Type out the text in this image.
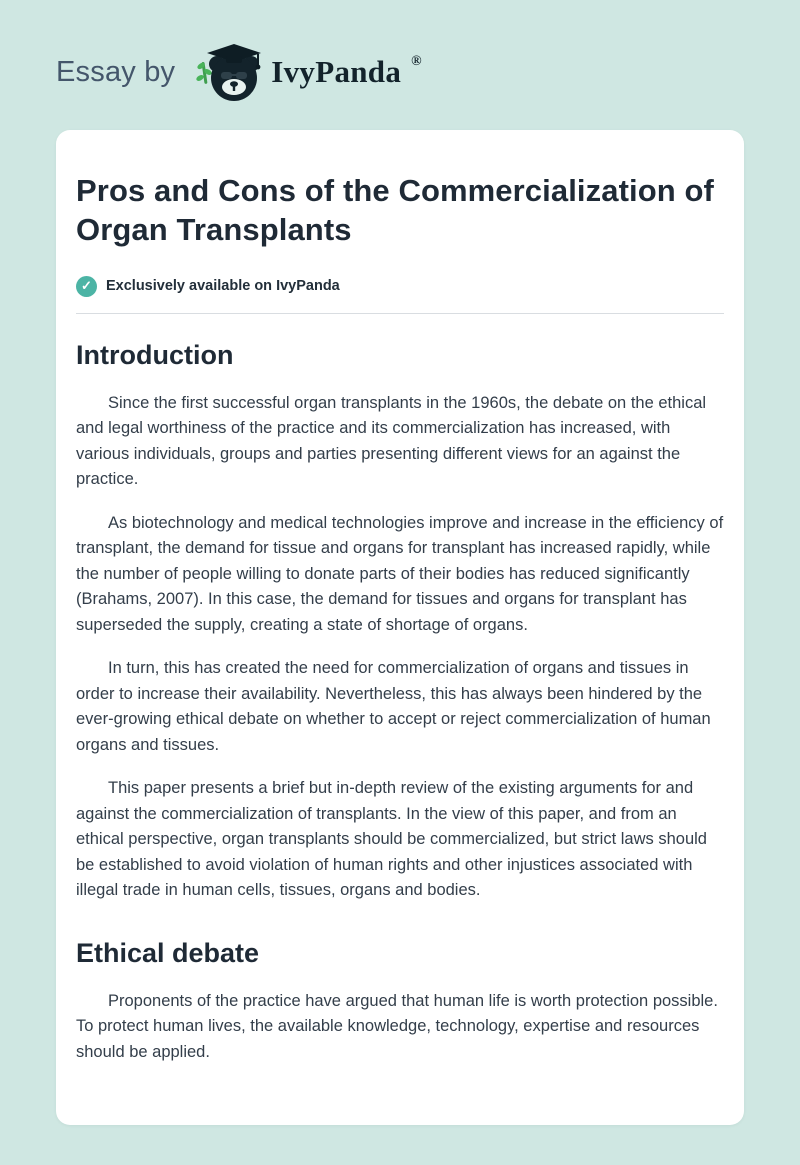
Essay by	IvyPanda ®
Pros and Cons of the Commercialization of Organ Transplants
✓ Exclusively available on IvyPanda
Introduction

Since the first successful organ transplants in the 1960s, the debate on the ethical and legal worthiness of the practice and its commercialization has increased, with various individuals, groups and parties presenting different views for an against the practice.

As biotechnology and medical technologies improve and increase in the efficiency of transplant, the demand for tissue and organs for transplant has increased rapidly, while the number of people willing to donate parts of their bodies has reduced significantly (Brahams, 2007). In this case, the demand for tissues and organs for transplant has superseded the supply, creating a state of shortage of organs.

In turn, this has created the need for commercialization of organs and tissues in order to increase their availability. Nevertheless, this has always been hindered by the ever-growing ethical debate on whether to accept or reject commercialization of human organs and tissues.

This paper presents a brief but in-depth review of the existing arguments for and against the commercialization of transplants. In the view of this paper, and from an ethical perspective, organ transplants should be commercialized, but strict laws should be established to avoid violation of human rights and other injustices associated with illegal trade in human cells, tissues, organs and bodies.

Ethical debate

Proponents of the practice have argued that human life is worth protection possible. To protect human lives, the available knowledge, technology, expertise and resources should be applied.
